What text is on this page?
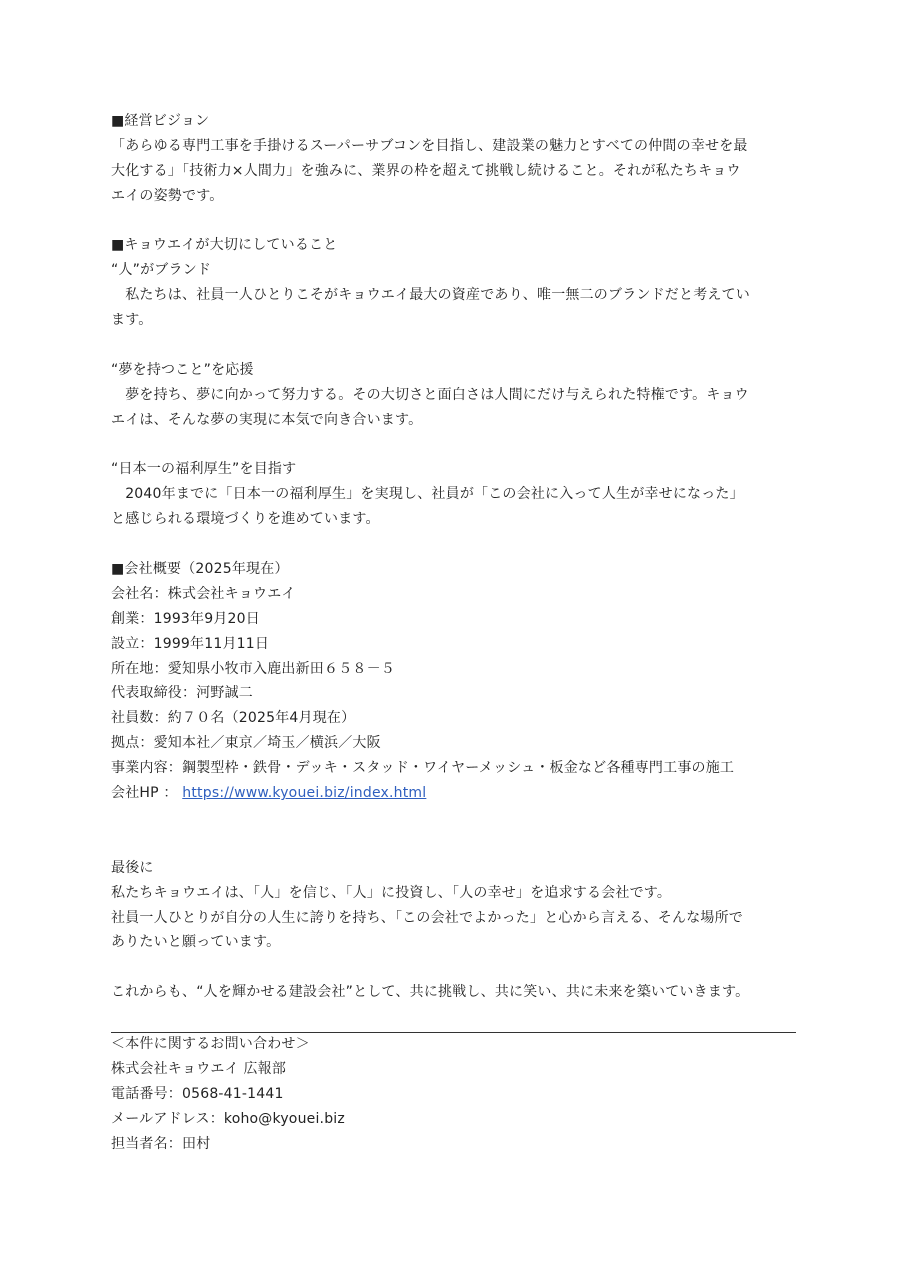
■経営ビジョン
「あらゆる専門工事を手掛けるスーパーサブコンを目指し、建設業の魅力とすべての仲間の幸せを最
大化する」「技術力×人間力」を強みに、業界の枠を超えて挑戦し続けること。それが私たちキョウ
エイの姿勢です。
■キョウエイが大切にしていること
“人”がブランド
　私たちは、社員一人ひとりこそがキョウエイ最大の資産であり、唯一無二のブランドだと考えてい
ます。
“夢を持つこと”を応援
　夢を持ち、夢に向かって努力する。その大切さと面白さは人間にだけ与えられた特権です。キョウ
エイは、そんな夢の実現に本気で向き合います。
“日本一の福利厚生”を目指す
　2040年までに「日本一の福利厚生」を実現し、社員が「この会社に入って人生が幸せになった」
と感じられる環境づくりを進めています。
■会社概要（2025年現在）
会社名：株式会社キョウエイ
創業：1993年9月20日
設立：1999年11月11日
所在地：愛知県小牧市入鹿出新田６５８－５
代表取締役：河野誠二
社員数：約７０名（2025年4月現在）
拠点：愛知本社／東京／埼玉／横浜／大阪
事業内容：鋼製型枠・鉄骨・デッキ・スタッド・ワイヤーメッシュ・板金など各種専門工事の施工
会社HP ： https://www.kyouei.biz/index.html
最後に
私たちキョウエイは、「人」を信じ、「人」に投資し、「人の幸せ」を追求する会社です。
社員一人ひとりが自分の人生に誇りを持ち、「この会社でよかった」と心から言える、そんな場所で
ありたいと願っています。
これからも、“人を輝かせる建設会社”として、共に挑戦し、共に笑い、共に未来を築いていきます。
＜本件に関するお問い合わせ＞
株式会社キョウエイ 広報部
電話番号：0568-41-1441
メールアドレス：koho@kyouei.biz
担当者名：田村
